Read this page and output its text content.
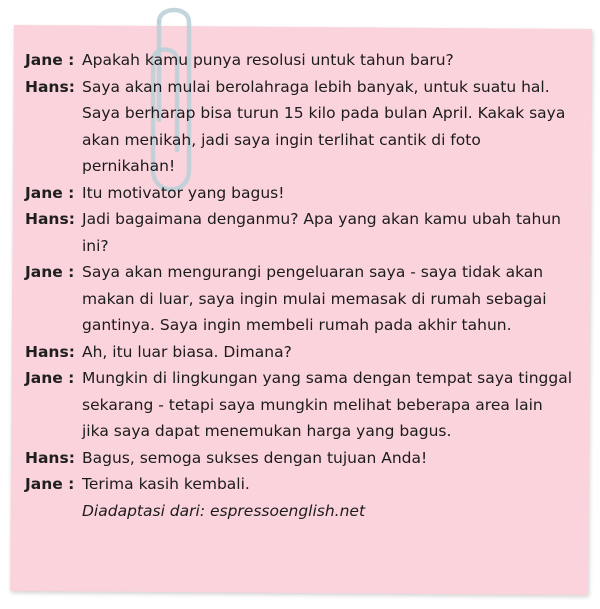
Jane : Apakah kamu punya resolusi untuk tahun baru?
Hans: Saya akan mulai berolahraga lebih banyak, untuk suatu hal. Saya berharap bisa turun 15 kilo pada bulan April. Kakak saya akan menikah, jadi saya ingin terlihat cantik di foto pernikahan!
Jane : Itu motivator yang bagus!
Hans: Jadi bagaimana denganmu? Apa yang akan kamu ubah tahun ini?
Jane : Saya akan mengurangi pengeluaran saya - saya tidak akan makan di luar, saya ingin mulai memasak di rumah sebagai gantinya. Saya ingin membeli rumah pada akhir tahun.
Hans: Ah, itu luar biasa. Dimana?
Jane : Mungkin di lingkungan yang sama dengan tempat saya tinggal sekarang - tetapi saya mungkin melihat beberapa area lain jika saya dapat menemukan harga yang bagus.
Hans: Bagus, semoga sukses dengan tujuan Anda!
Jane : Terima kasih kembali.
Diadaptasi dari: espressoenglish.net
